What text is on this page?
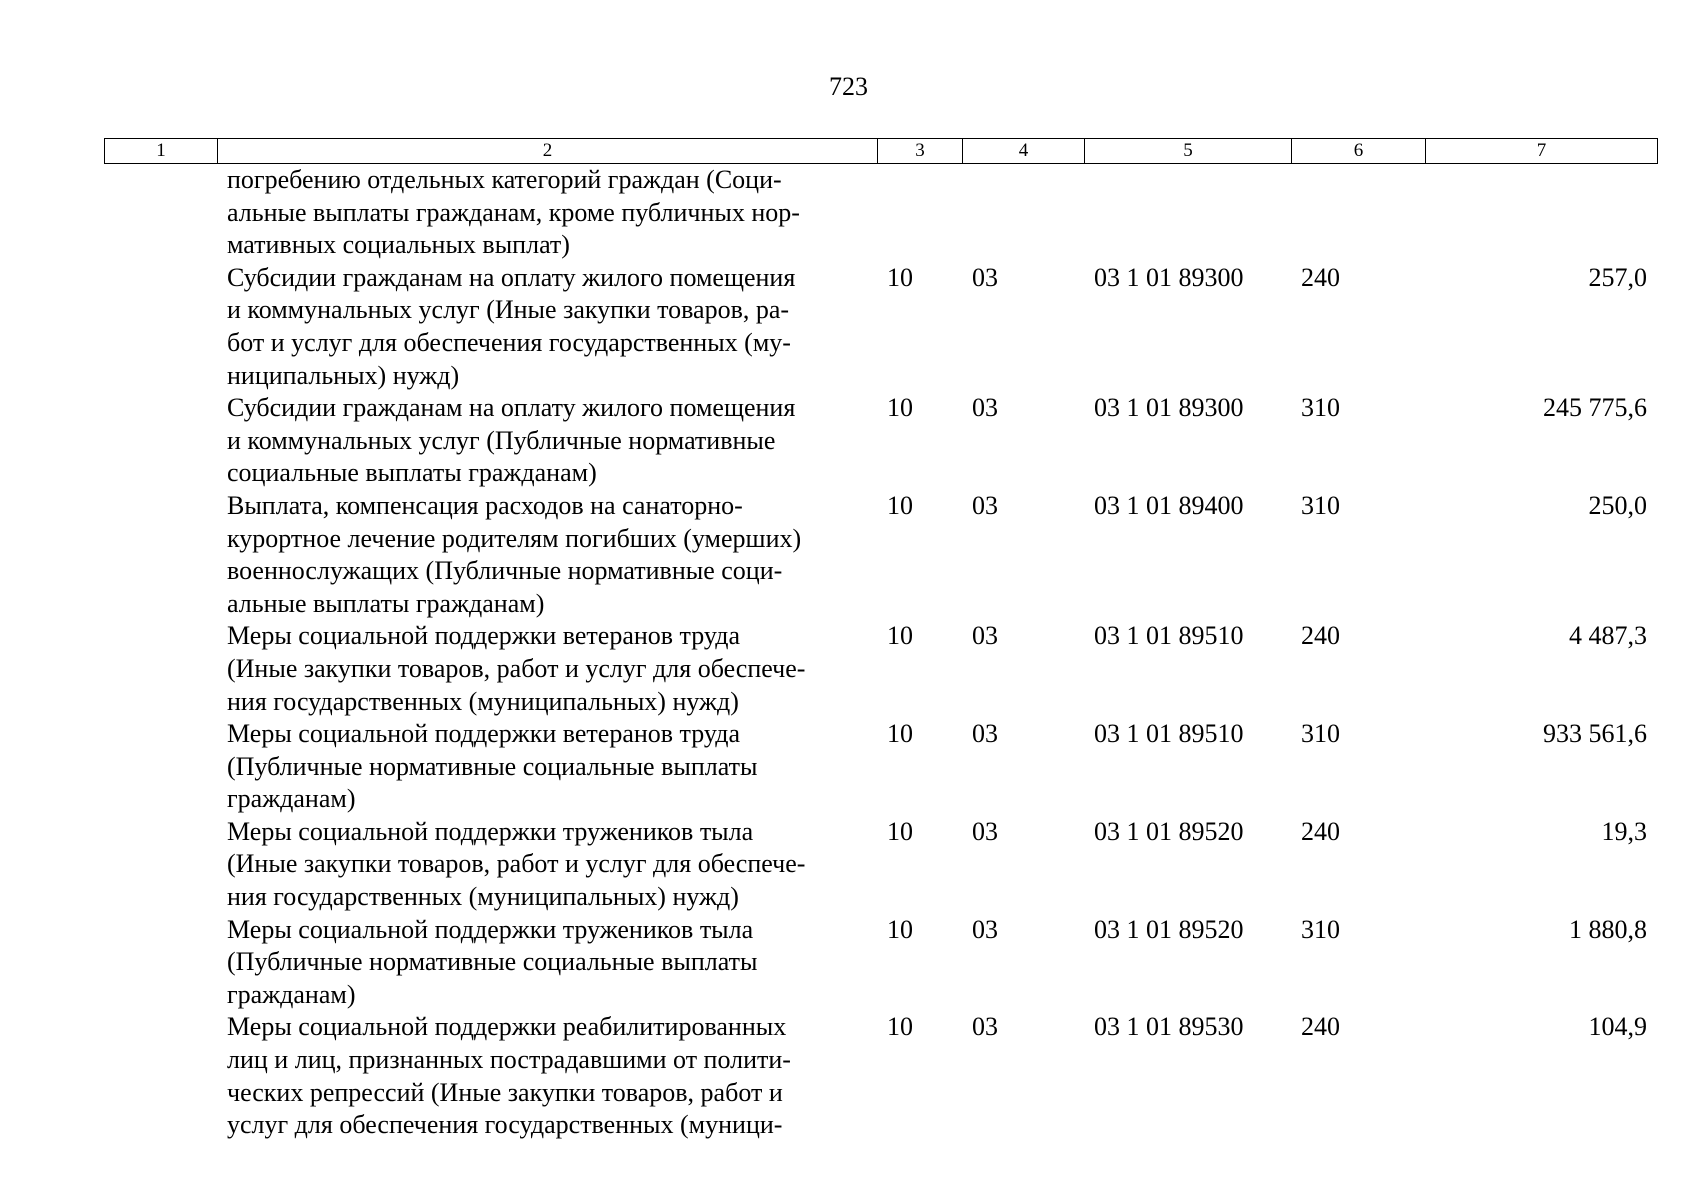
723
1	2	3	4	5	6	7
погребению отдельных категорий граждан (Соци-
альные выплаты гражданам, кроме публичных нор-
мативных социальных выплат)
Субсидии гражданам на оплату жилого помещения
и коммунальных услуг (Иные закупки товаров, ра-
бот и услуг для обеспечения государственных (му-
ниципальных) нужд)
10	03	03 1 01 89300	240	257,0
Субсидии гражданам на оплату жилого помещения
и коммунальных услуг (Публичные нормативные
социальные выплаты гражданам)
10	03	03 1 01 89300	310	245 775,6
Выплата, компенсация расходов на санаторно-
курортное лечение родителям погибших (умерших)
военнослужащих (Публичные нормативные соци-
альные выплаты гражданам)
10	03	03 1 01 89400	310	250,0
Меры социальной поддержки ветеранов труда
(Иные закупки товаров, работ и услуг для обеспече-
ния государственных (муниципальных) нужд)
10	03	03 1 01 89510	240	4 487,3
Меры социальной поддержки ветеранов труда
(Публичные нормативные социальные выплаты
гражданам)
10	03	03 1 01 89510	310	933 561,6
Меры социальной поддержки тружеников тыла
(Иные закупки товаров, работ и услуг для обеспече-
ния государственных (муниципальных) нужд)
10	03	03 1 01 89520	240	19,3
Меры социальной поддержки тружеников тыла
(Публичные нормативные социальные выплаты
гражданам)
10	03	03 1 01 89520	310	1 880,8
Меры социальной поддержки реабилитированных
лиц и лиц, признанных пострадавшими от полити-
ческих репрессий (Иные закупки товаров, работ и
услуг для обеспечения государственных (муници-
10	03	03 1 01 89530	240	104,9
